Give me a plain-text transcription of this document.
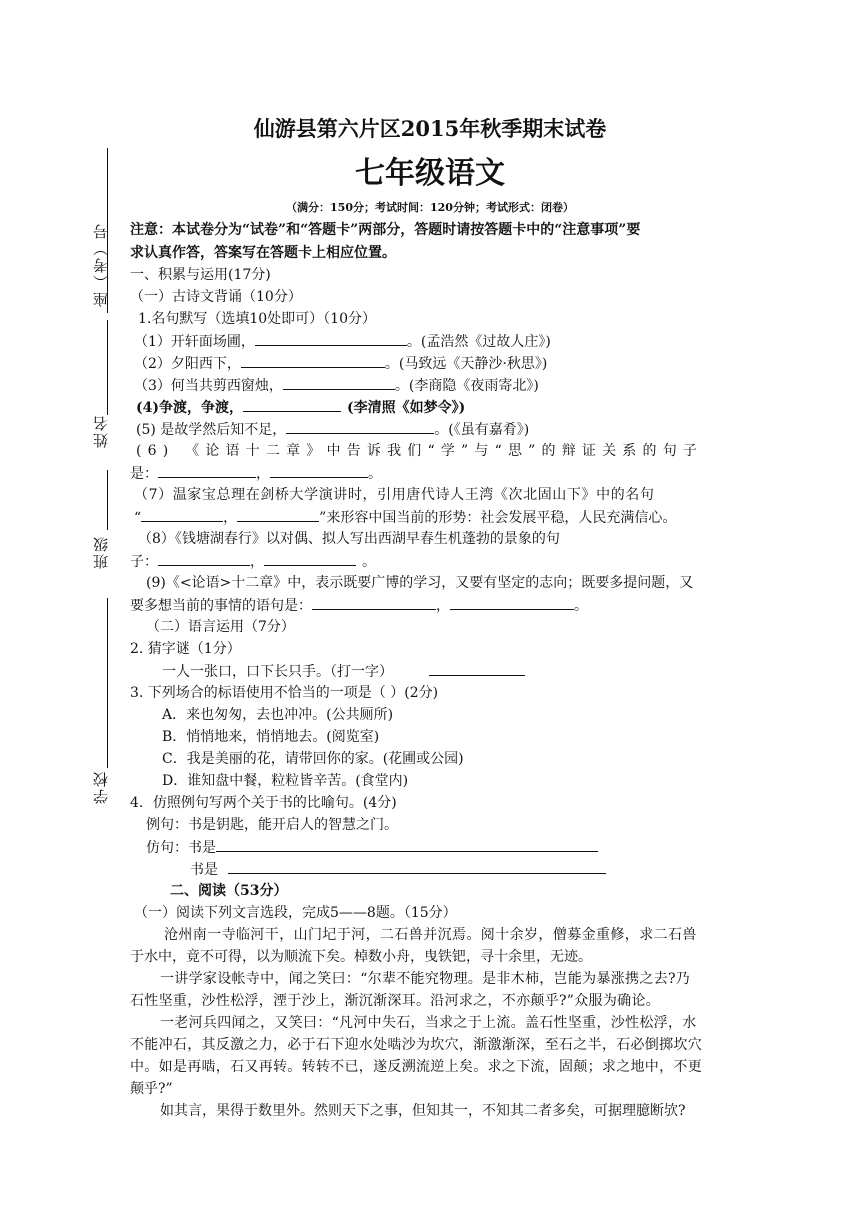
座（考）号
姓名
班级
学校
仙游县第六片区2015年秋季期末试卷
七年级语文
（满分：150分；考试时间：120分钟；考试形式：闭卷）
注意：本试卷分为“试卷”和“答题卡”两部分，答题时请按答题卡中的“注意事项”要
求认真作答，答案写在答题卡上相应位置。
一、积累与运用(17分)
（一）古诗文背诵（10分）
1.名句默写（选填10处即可）（10分）
（1）开轩面场圃，	。(孟浩然《过故人庄》)
（2）夕阳西下，	。(马致远《天静沙·秋思》)
（3）何当共剪西窗烛，	。(李商隐《夜雨寄北》)
(4)争渡，争渡，	(李清照《如梦令》)
(5) 是故学然后知不足，	。(《虽有嘉肴》)
(6) 《论语十二章》中告诉我们“学”与“思”的辩证关系的句子
是：	，	。
（7）温家宝总理在剑桥大学演讲时，引用唐代诗人王湾《次北固山下》中的名句
“	，	”来形容中国当前的形势：社会发展平稳，人民充满信心。
（8）《钱塘湖春行》以对偶、拟人写出西湖早春生机蓬勃的景象的句
子：	，	。
(9)《<论语>十二章》中，表示既要广博的学习，又要有坚定的志向；既要多提问题，又
要多想当前的事情的语句是：	，	。
（二）语言运用（7分）
2. 猜字谜（1分）
一人一张口，口下长只手。（打一字）
3. 下列场合的标语使用不恰当的一项是（ ）(2分)
A．来也匆匆，去也冲冲。(公共厕所)
B．悄悄地来，悄悄地去。(阅览室)
C．我是美丽的花，请带回你的家。(花圃或公园)
D．谁知盘中餐，粒粒皆辛苦。(食堂内)
4．仿照例句写两个关于书的比喻句。(4分)
例句：书是钥匙，能开启人的智慧之门。
仿句：书是
书是
二、阅读（53分）
（一）阅读下列文言选段，完成5——8题。（15分）
沧州南一寺临河干，山门圮于河，二石兽并沉焉。阅十余岁，僧募金重修，求二石兽
于水中，竟不可得，以为顺流下矣。棹数小舟，曳铁钯，寻十余里，无迹。
一讲学家设帐寺中，闻之笑曰：“尔辈不能究物理。是非木柿，岂能为暴涨携之去?乃
石性坚重，沙性松浮，湮于沙上，渐沉渐深耳。沿河求之，不亦颠乎?”众服为确论。
一老河兵四闻之，又笑曰：“凡河中失石，当求之于上流。盖石性坚重，沙性松浮，水
不能冲石，其反激之力，必于石下迎水处啮沙为坎穴，渐激渐深，至石之半，石必倒掷坎穴
中。如是再啮，石又再转。转转不已，遂反溯流逆上矣。求之下流，固颠；求之地中，不更
颠乎?”
如其言，果得于数里外。然则天下之事，但知其一，不知其二者多矣，可据理臆断欤?
